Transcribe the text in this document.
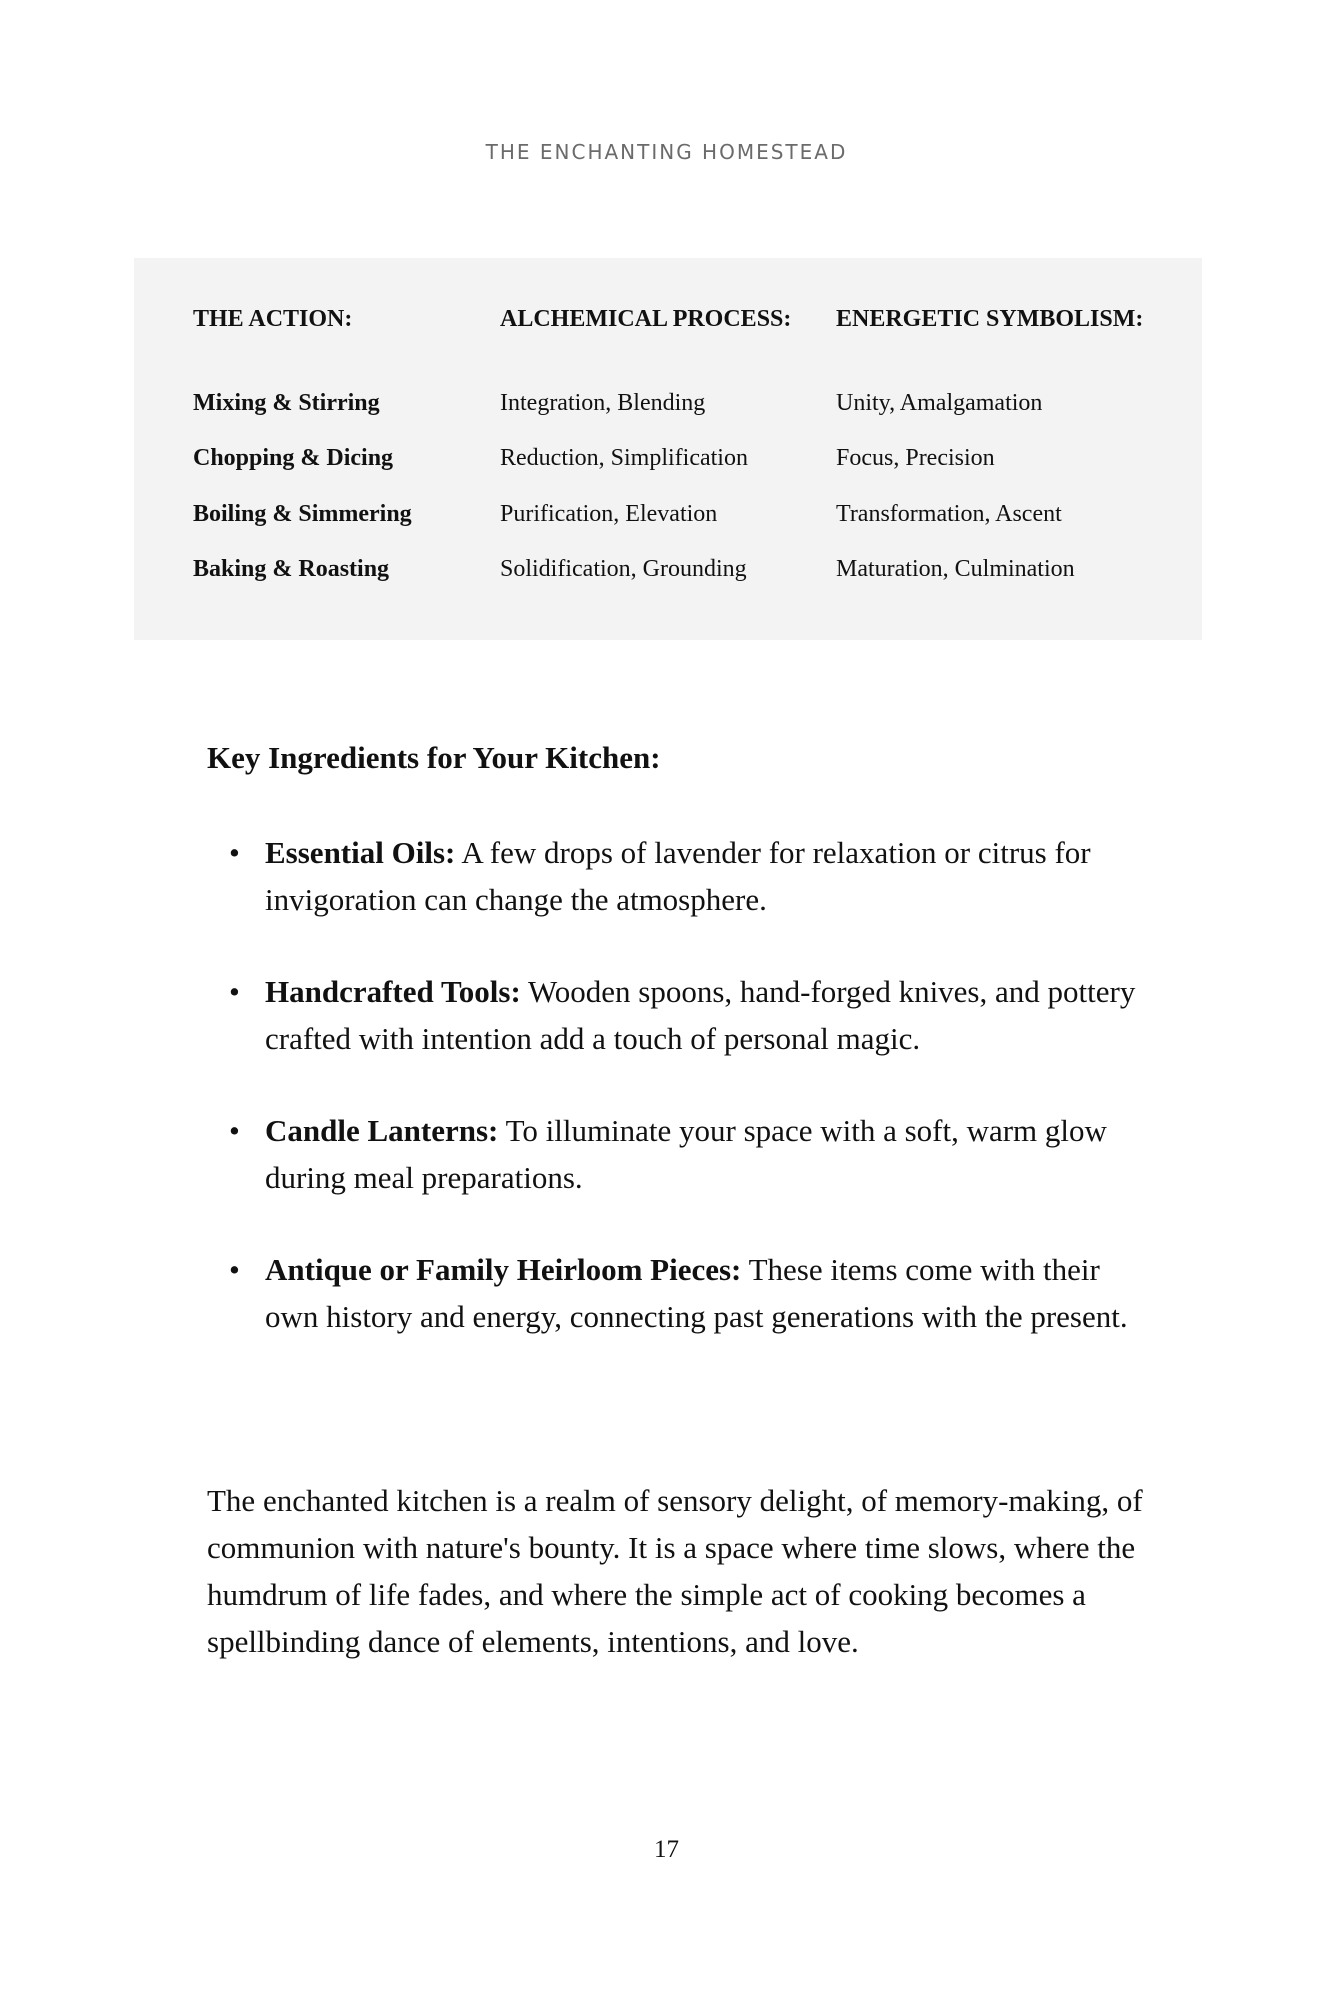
THE ENCHANTING HOMESTEAD
THE ACTION:	ALCHEMICAL PROCESS: ENERGETIC SYMBOLISM:
Mixing & Stirring	Integration, Blending	Unity, Amalgamation
Chopping & Dicing	Reduction, Simplification	Focus, Precision
Boiling & Simmering	Purification, Elevation	Transformation, Ascent
Baking & Roasting	Solidification, Grounding	Maturation, Culmination
Key Ingredients for Your Kitchen:
• Essential Oils: A few drops of lavender for relaxation or citrus for invigoration can change the atmosphere.
• Handcrafted Tools: Wooden spoons, hand-forged knives, and pottery crafted with intention add a touch of personal magic.
• Candle Lanterns: To illuminate your space with a soft, warm glow during meal preparations.
• Antique or Family Heirloom Pieces: These items come with their own history and energy, connecting past generations with the present.

The enchanted kitchen is a realm of sensory delight, of memory-making, of communion with nature's bounty. It is a space where time slows, where the humdrum of life fades, and where the simple act of cooking becomes a spellbinding dance of elements, intentions, and love.

17
